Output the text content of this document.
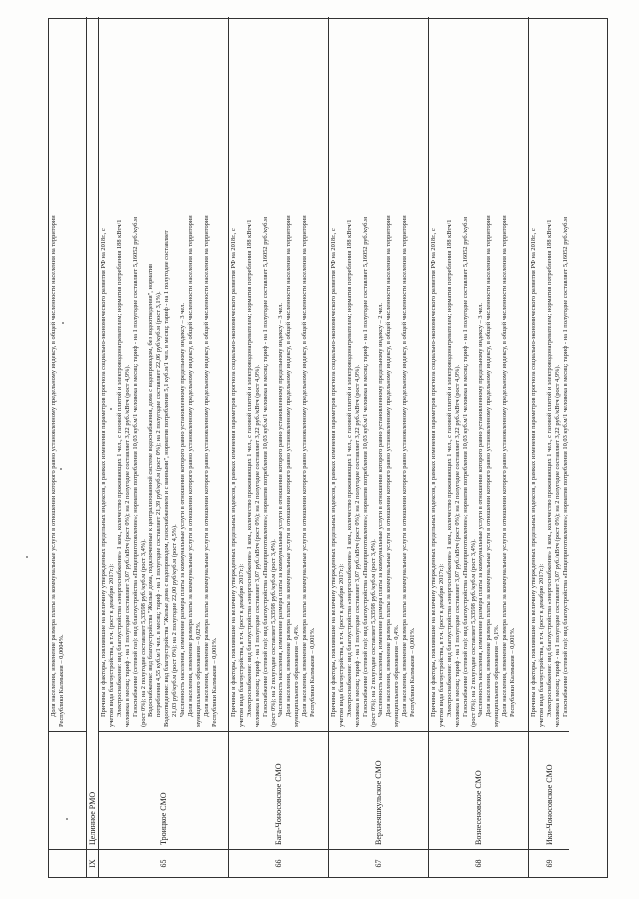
Доля населения, изменение размера платы за коммунальные услуги в отношении которого равно установленному предельному индексу, в общей численности населения на территории Республики Калмыкия – 0,0004%.

IX
Целинное РМО
65
Троицкое СМО

Причины и факторы, повлиявшие на величину утвержденных предельных индексов, в рамках изменения параметров прогноза социально-экономического развития РФ на 2018г., с учетом вида благоустройства, в т.ч. (рост к декабрю 2017г.): Электроснабжение: вид благоустройства «энергоснабжение» 1 ком., количество проживающих 1 чел., с газовой плитой и электроводонагревателем; норматив потребления 188 кВтч/1 человека в месяц; тариф - на 1 полугодие составляет 3,07 руб./кВтч (рост 0%); на 2 полугодие составляет 3,22 руб./кВтч (рост 4,9%). Газоснабжение (сетевой газ): вид благоустройства «Пищеприготовление»; норматив потребления 10,03 куб.м/1 человека в месяц; тариф - на 1 полугодие составляет 5,16052 руб./куб.м (рост 0%); на 2 полугодие составляет 5,33598 руб./куб.м (рост 3,4%). Водоснабжение: вид благоустройства "Жилые дома, подключенные к централизованной системе водоснабжения, дома с водопроводом, без водоотведения", норматив потребления 4,55 куб.м/1 чел. в месяц; тариф - на 1 полугодие составляет 21,39 руб/куб.м (рост 0%); на 2 полугодие составляет 22,06 руб/куб.м (рост 3,1%). Водоотведение: вид благоустройства "Жилые дома с водопроводом, газоснабжением и с ванными", норматив потребления 5,1 куб.м/1 чел. в месяц; тариф - на 1 полугодие составляет 21,03 руб/куб.м (рост 0%); на 2 полугодие 22,00 руб/куб.м (рост 4,5%). Численность населения, изменение размера платы за коммунальные услуги в отношении которого равно установленному предельному индексу – 3 чел. Доля населения, изменение размера платы за коммунальные услуги в отношении которого равно установленному предельному индексу, в общей численности населения на территории муниципального образования – 0,02%. Доля населения, изменение размера платы за коммунальные услуги в отношении которого равно установленному предельному индексу, в общей численности населения на территории Республики Калмыкия – 0,001%.

66
Бага-Чоносовское СМО

Причины и факторы, повлиявшие на величину утвержденных предельных индексов, в рамках изменения параметров прогноза социально-экономического развития РФ на 2018г., с учетом вида благоустройства, в т.ч. (рост к декабрю 2017г.): Электроснабжение: вид благоустройства «энергоснабжение» 1 ком., количество проживающих 1 чел., с газовой плитой и электроводонагревателем; норматив потребления 188 кВтч/1 человека в месяц; тариф - на 1 полугодие составляет 3,07 руб./кВтч (рост 0%); на 2 полугодие составляет 3,22 руб./кВтч (рост 4,9%). Газоснабжение (сетевой газ): вид благоустройства «Пищеприготовление»; норматив потребления 10,03 куб.м/1 человека в месяц; тариф - на 1 полугодие составляет 5,16052 руб./куб.м (рост 0%); на 2 полугодие составляет 5,33598 руб./куб.м (рост 3,4%). Численность населения, изменение размера платы за коммунальные услуги в отношении которого равно установленному предельному индексу – 3 чел. Доля населения, изменение размера платы за коммунальные услуги в отношении которого равно установленному предельному индексу, в общей численности населения на территории муниципального образования – 0,4%. Доля населения, изменение размера платы за коммунальные услуги в отношении которого равно установленному предельному индексу, в общей численности населения на территории Республики Калмыкия – 0,001%.

67
Верхнеяшкульское СМО

Причины и факторы, повлиявшие на величину утвержденных предельных индексов, в рамках изменения параметров прогноза социально-экономического развития РФ на 2018г., с учетом вида благоустройства, в т.ч. (рост к декабрю 2017г.): Электроснабжение: вид благоустройства «энергоснабжение» 1 ком., количество проживающих 1 чел., с газовой плитой и электроводонагревателем; норматив потребления 188 кВтч/1 человека в месяц; тариф - на 1 полугодие составляет 3,07 руб./кВтч (рост 0%); на 2 полугодие составляет 3,22 руб./кВтч (рост 4,9%). Газоснабжение (сетевой газ): вид благоустройства «Пищеприготовление»; норматив потребления 10,03 куб.м/1 человека в месяц; тариф - на 1 полугодие составляет 5,16052 руб./куб.м (рост 0%); на 2 полугодие составляет 5,33598 руб./куб.м (рост 3,4%). Численность населения, изменение размера платы за коммунальные услуги в отношении которого равно установленному предельному индексу – 2 чел. Доля населения, изменение размера платы за коммунальные услуги в отношении которого равно установленному предельному индексу, в общей численности населения на территории муниципального образования – 0,4%. Доля населения, изменение размера платы за коммунальные услуги в отношении которого равно установленному предельному индексу, в общей численности населения на территории Республики Калмыкия – 0,001%.

68
Вознесеновское СМО

Причины и факторы, повлиявшие на величину утвержденных предельных индексов, в рамках изменения параметров прогноза социально-экономического развития РФ на 2018г., с учетом вида благоустройства, в т.ч. (рост к декабрю 2017г.): Электроснабжение: вид благоустройства «энергоснабжение» 1 ком., количество проживающих 1 чел., с газовой плитой и электроводонагревателем; норматив потребления 188 кВтч/1 человека в месяц; тариф - на 1 полугодие составляет 3,07 руб./кВтч (рост 0%); на 2 полугодие составляет 3,22 руб./кВтч (рост 4,9%). Газоснабжение (сетевой газ): вид благоустройства «Пищеприготовление»; норматив потребления 10,03 куб.м/1 человека в месяц; тариф - на 1 полугодие составляет 5,16052 руб./куб.м (рост 0%); на 2 полугодие составляет 5,33598 руб./куб.м (рост 3,4%). Численность населения, изменение размера платы за коммунальные услуги в отношении которого равно установленному предельному индексу – 3 чел. Доля населения, изменение размера платы за коммунальные услуги в отношении которого равно установленному предельному индексу, в общей численности населения на территории муниципального образования – 0,1%. Доля населения, изменение размера платы за коммунальные услуги в отношении которого равно установленному предельному индексу, в общей численности населения на территории Республики Калмыкия – 0,001%.

69
Ики-Чоносовское СМО

Причины и факторы, повлиявшие на величину утвержденных предельных индексов, в рамках изменения параметров прогноза социально-экономического развития РФ на 2018г., с учетом вида благоустройства, в т.ч. (рост к декабрю 2017г.): Электроснабжение: вид благоустройства «энергоснабжение» 1 ком., количество проживающих 1 чел., с газовой плитой и электроводонагревателем; норматив потребления 188 кВтч/1 человека в месяц; тариф - на 1 полугодие составляет 3,07 руб./кВтч (рост 0%); на 2 полугодие составляет 3,22 руб./кВтч (рост 4,9%). Газоснабжение (сетевой газ): вид благоустройства «Пищеприготовление»; норматив потребления 10,03 куб.м/1 человека в месяц; тариф - на 1 полугодие составляет 5,16052 руб./куб.м
